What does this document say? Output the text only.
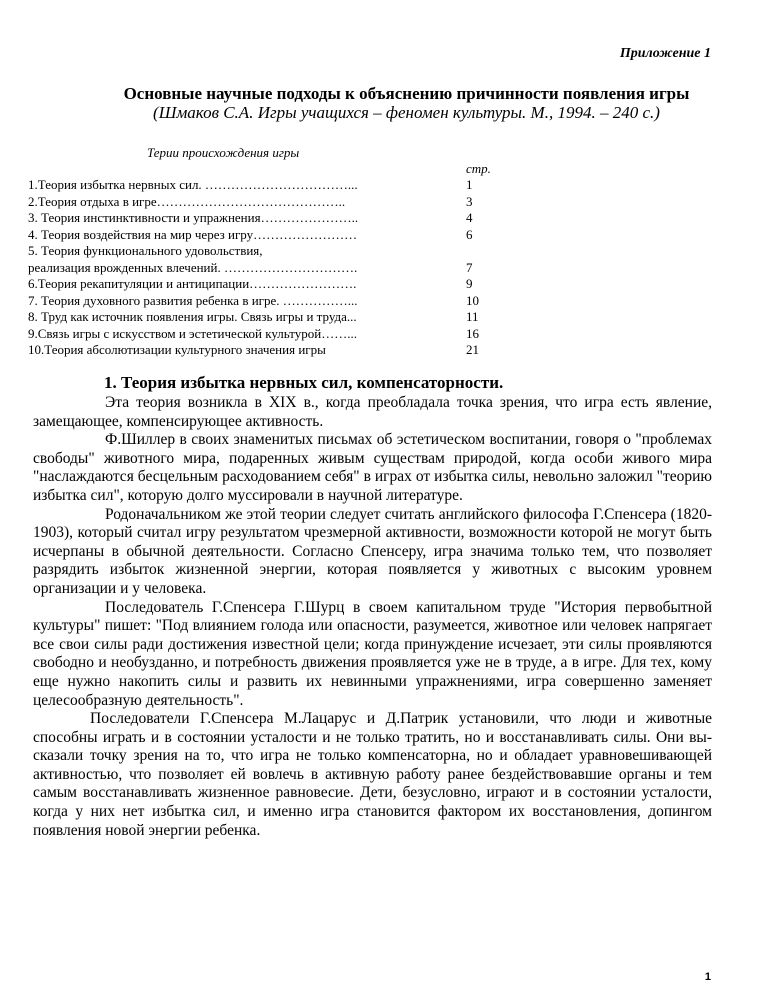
Приложение 1
Основные научные подходы к объяснению причинности появления игры
(Шмаков С.А. Игры учащихся – феномен культуры. М., 1994. – 240 с.)
Терии происхождения игры
стр.
1.Теория избытка нервных сил. ……………………………...	1
2.Теория отдыха в игре……………………………………..	3
3. Теория инстинктивности и упражнения…………………..	4
4. Теория воздействия на мир через игру……………………	6
5. Теория функционального удовольствия,
реализация врожденных влечений. ………………………….	7
6.Теория рекапитуляции и антиципации…………………….	9
7. Теория духовного развития ребенка в игре. ……………...	10
8. Труд как источник появления игры. Связь игры и труда...	11
9.Связь игры с искусством и эстетической культурой……...	16
10.Теория абсолютизации культурного значения игры	21
1. Теория избытка нервных сил, компенсаторности.

Эта теория возникла в XIX в., когда преобладала точка зрения, что игра есть явление, замещающее, компенсирующее активность.

Ф.Шиллер в своих знаменитых письмах об эстетическом воспитании, говоря о "проблемах свободы" животного мира, подаренных живым существам природой, когда особи живого мира "наслаждаются бесцельным расходованием себя" в играх от избытка силы, невольно заложил "теорию избытка сил", которую долго муссировали в научной литературе.

Родоначальником же этой теории следует считать английского философа Г.Спенсера (1820-1903), который считал игру результатом чрезмерной активности, возможности которой не могут быть исчерпаны в обычной деятельности. Согласно Спенсеру, игра значима только тем, что позволяет разрядить избыток жизненной энергии, которая появляется у животных с высоким уровнем организации и у человека.

Последователь Г.Спенсера Г.Шурц в своем капитальном труде "История первобытной культуры" пишет: "Под влиянием голода или опасности, разумеется, животное или человек напрягает все свои силы ради достижения известной цели; когда принуждение исчезает, эти силы проявляются свободно и необузданно, и потребность движения проявляется уже не в труде, а в игре. Для тех, кому еще нужно накопить силы и развить их невинными упражнениями, игра совершенно заменяет целесообразную деятельность".

Последователи Г.Спенсера М.Лацарус и Д.Патрик установили, что люди и животные способны играть и в состоянии усталости и не только тратить, но и восстанавливать силы. Они вы- сказали точку зрения на то, что игра не только компенсаторна, но и обладает уравновешивающей активностью, что позволяет ей вовлечь в активную работу ранее бездействовавшие органы и тем самым восстанавливать жизненное равновесие. Дети, безусловно, играют и в состоянии усталости, когда у них нет избытка сил, и именно игра становится фактором их восстановления, допингом появления новой энергии ребенка.

1
